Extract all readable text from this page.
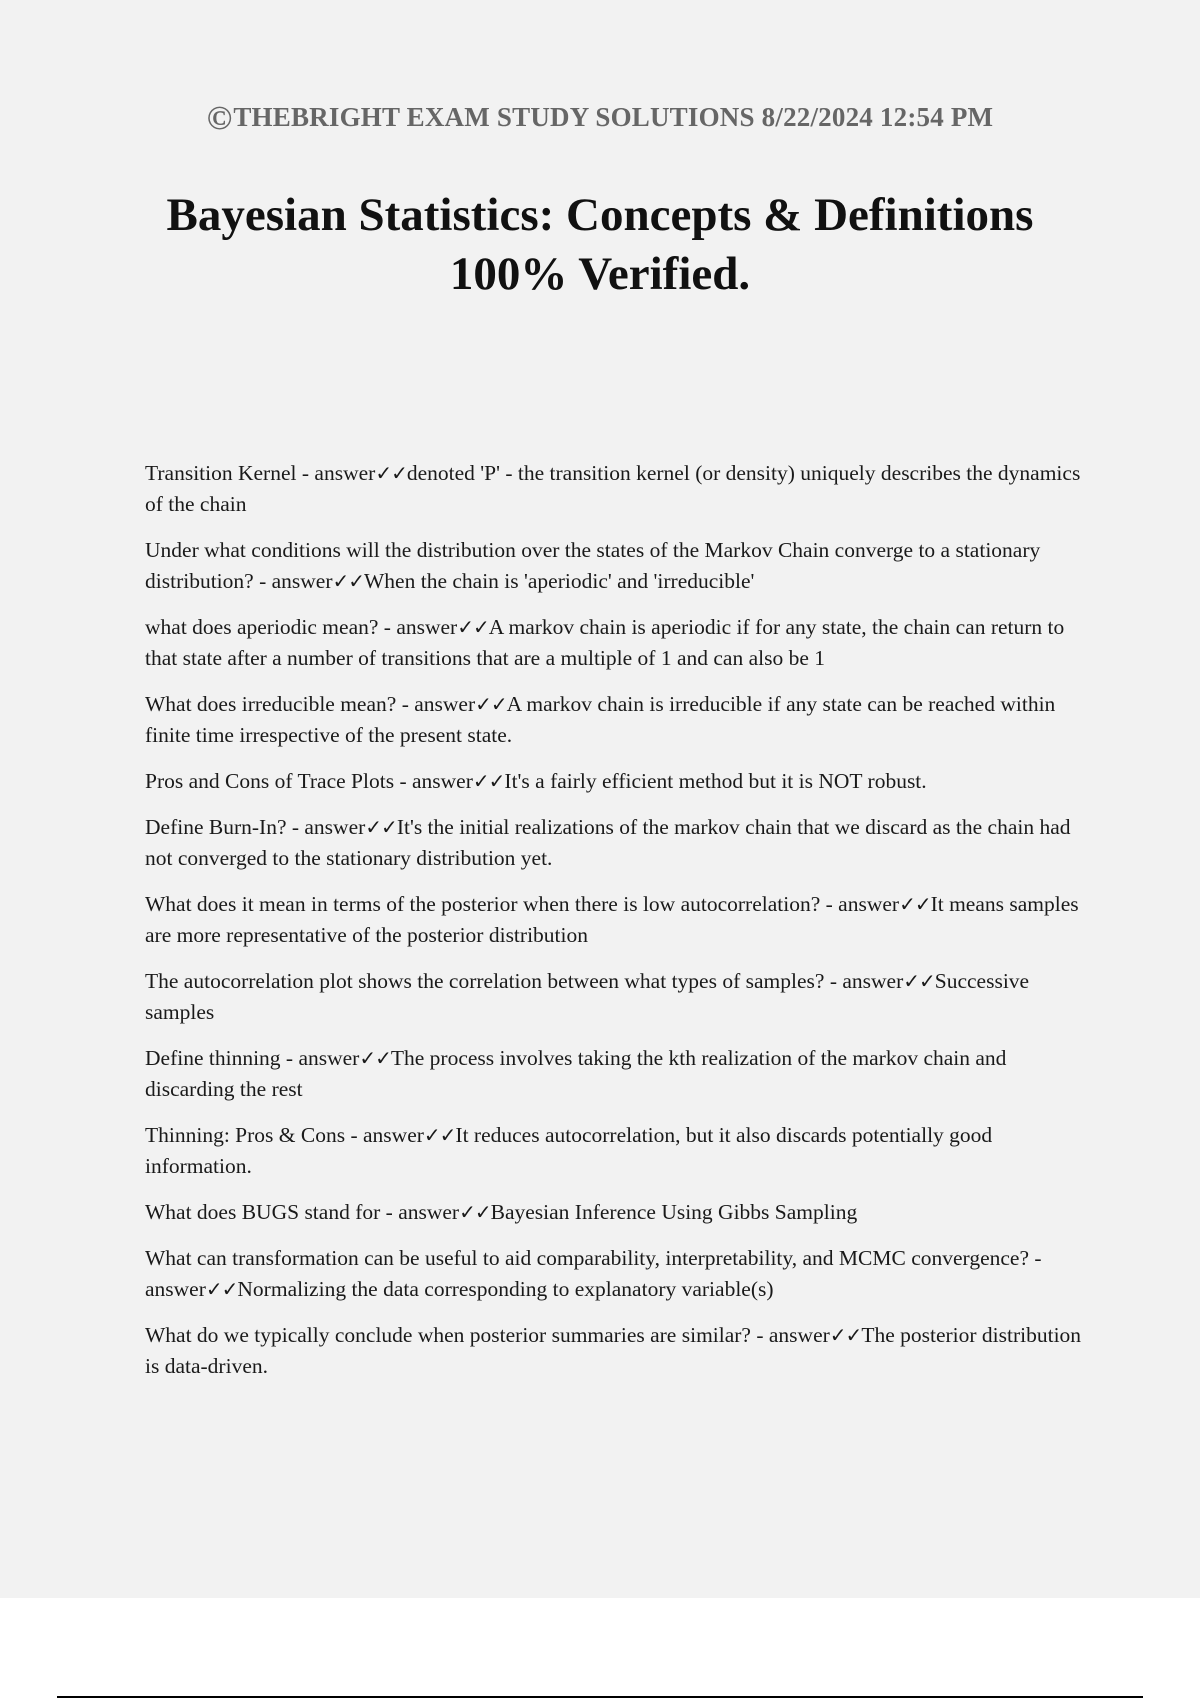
©THEBRIGHT EXAM STUDY SOLUTIONS 8/22/2024 12:54 PM
Bayesian Statistics: Concepts & Definitions
100% Verified.
Transition Kernel - answer✓✓denoted 'P' - the transition kernel (or density) uniquely describes the dynamics of the chain
Under what conditions will the distribution over the states of the Markov Chain converge to a stationary distribution? - answer✓✓When the chain is 'aperiodic' and 'irreducible'
what does aperiodic mean? - answer✓✓A markov chain is aperiodic if for any state, the chain can return to that state after a number of transitions that are a multiple of 1 and can also be 1
What does irreducible mean? - answer✓✓A markov chain is irreducible if any state can be reached within finite time irrespective of the present state.
Pros and Cons of Trace Plots - answer✓✓It's a fairly efficient method but it is NOT robust.
Define Burn-In? - answer✓✓It's the initial realizations of the markov chain that we discard as the chain had not converged to the stationary distribution yet.
What does it mean in terms of the posterior when there is low autocorrelation? - answer✓✓It means samples are more representative of the posterior distribution
The autocorrelation plot shows the correlation between what types of samples? - answer✓✓Successive samples
Define thinning - answer✓✓The process involves taking the kth realization of the markov chain and discarding the rest
Thinning: Pros & Cons - answer✓✓It reduces autocorrelation, but it also discards potentially good information.
What does BUGS stand for - answer✓✓Bayesian Inference Using Gibbs Sampling
What can transformation can be useful to aid comparability, interpretability, and MCMC convergence? - answer✓✓Normalizing the data corresponding to explanatory variable(s)
What do we typically conclude when posterior summaries are similar? - answer✓✓The posterior distribution is data-driven.
